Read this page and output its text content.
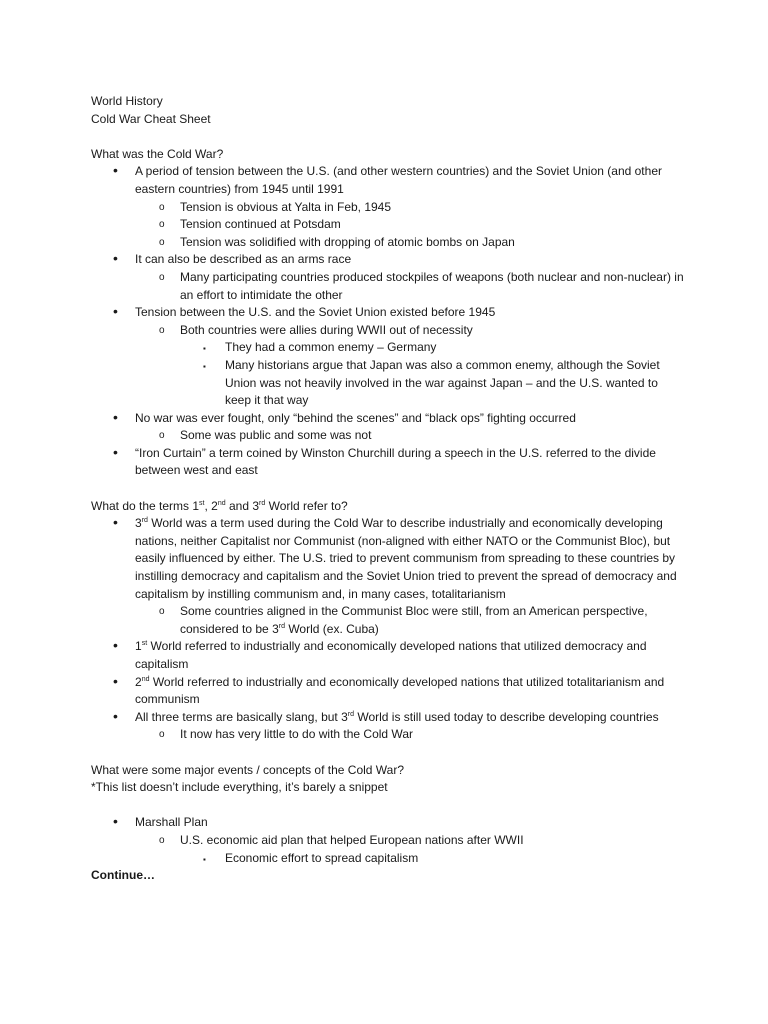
World History
Cold War Cheat Sheet
What was the Cold War?
• A period of tension between the U.S. (and other western countries) and the Soviet Union (and other eastern countries) from 1945 until 1991
o Tension is obvious at Yalta in Feb, 1945
o Tension continued at Potsdam
o Tension was solidified with dropping of atomic bombs on Japan
• It can also be described as an arms race
o Many participating countries produced stockpiles of weapons (both nuclear and non-nuclear) in an effort to intimidate the other
• Tension between the U.S. and the Soviet Union existed before 1945
o Both countries were allies during WWII out of necessity
▪ They had a common enemy – Germany
▪ Many historians argue that Japan was also a common enemy, although the Soviet Union was not heavily involved in the war against Japan – and the U.S. wanted to keep it that way
• No war was ever fought, only “behind the scenes” and “black ops” fighting occurred
o Some was public and some was not
• “Iron Curtain” a term coined by Winston Churchill during a speech in the U.S. referred to the divide between west and east
What do the terms 1st, 2nd and 3rd World refer to?
• 3rd World was a term used during the Cold War to describe industrially and economically developing nations, neither Capitalist nor Communist (non-aligned with either NATO or the Communist Bloc), but easily influenced by either. The U.S. tried to prevent communism from spreading to these countries by instilling democracy and capitalism and the Soviet Union tried to prevent the spread of democracy and capitalism by instilling communism and, in many cases, totalitarianism
o Some countries aligned in the Communist Bloc were still, from an American perspective, considered to be 3rd World (ex. Cuba)
• 1st World referred to industrially and economically developed nations that utilized democracy and capitalism
• 2nd World referred to industrially and economically developed nations that utilized totalitarianism and communism
• All three terms are basically slang, but 3rd World is still used today to describe developing countries
o It now has very little to do with the Cold War
What were some major events / concepts of the Cold War?
*This list doesn’t include everything, it’s barely a snippet
• Marshall Plan
o U.S. economic aid plan that helped European nations after WWII
▪ Economic effort to spread capitalism
Continue…
